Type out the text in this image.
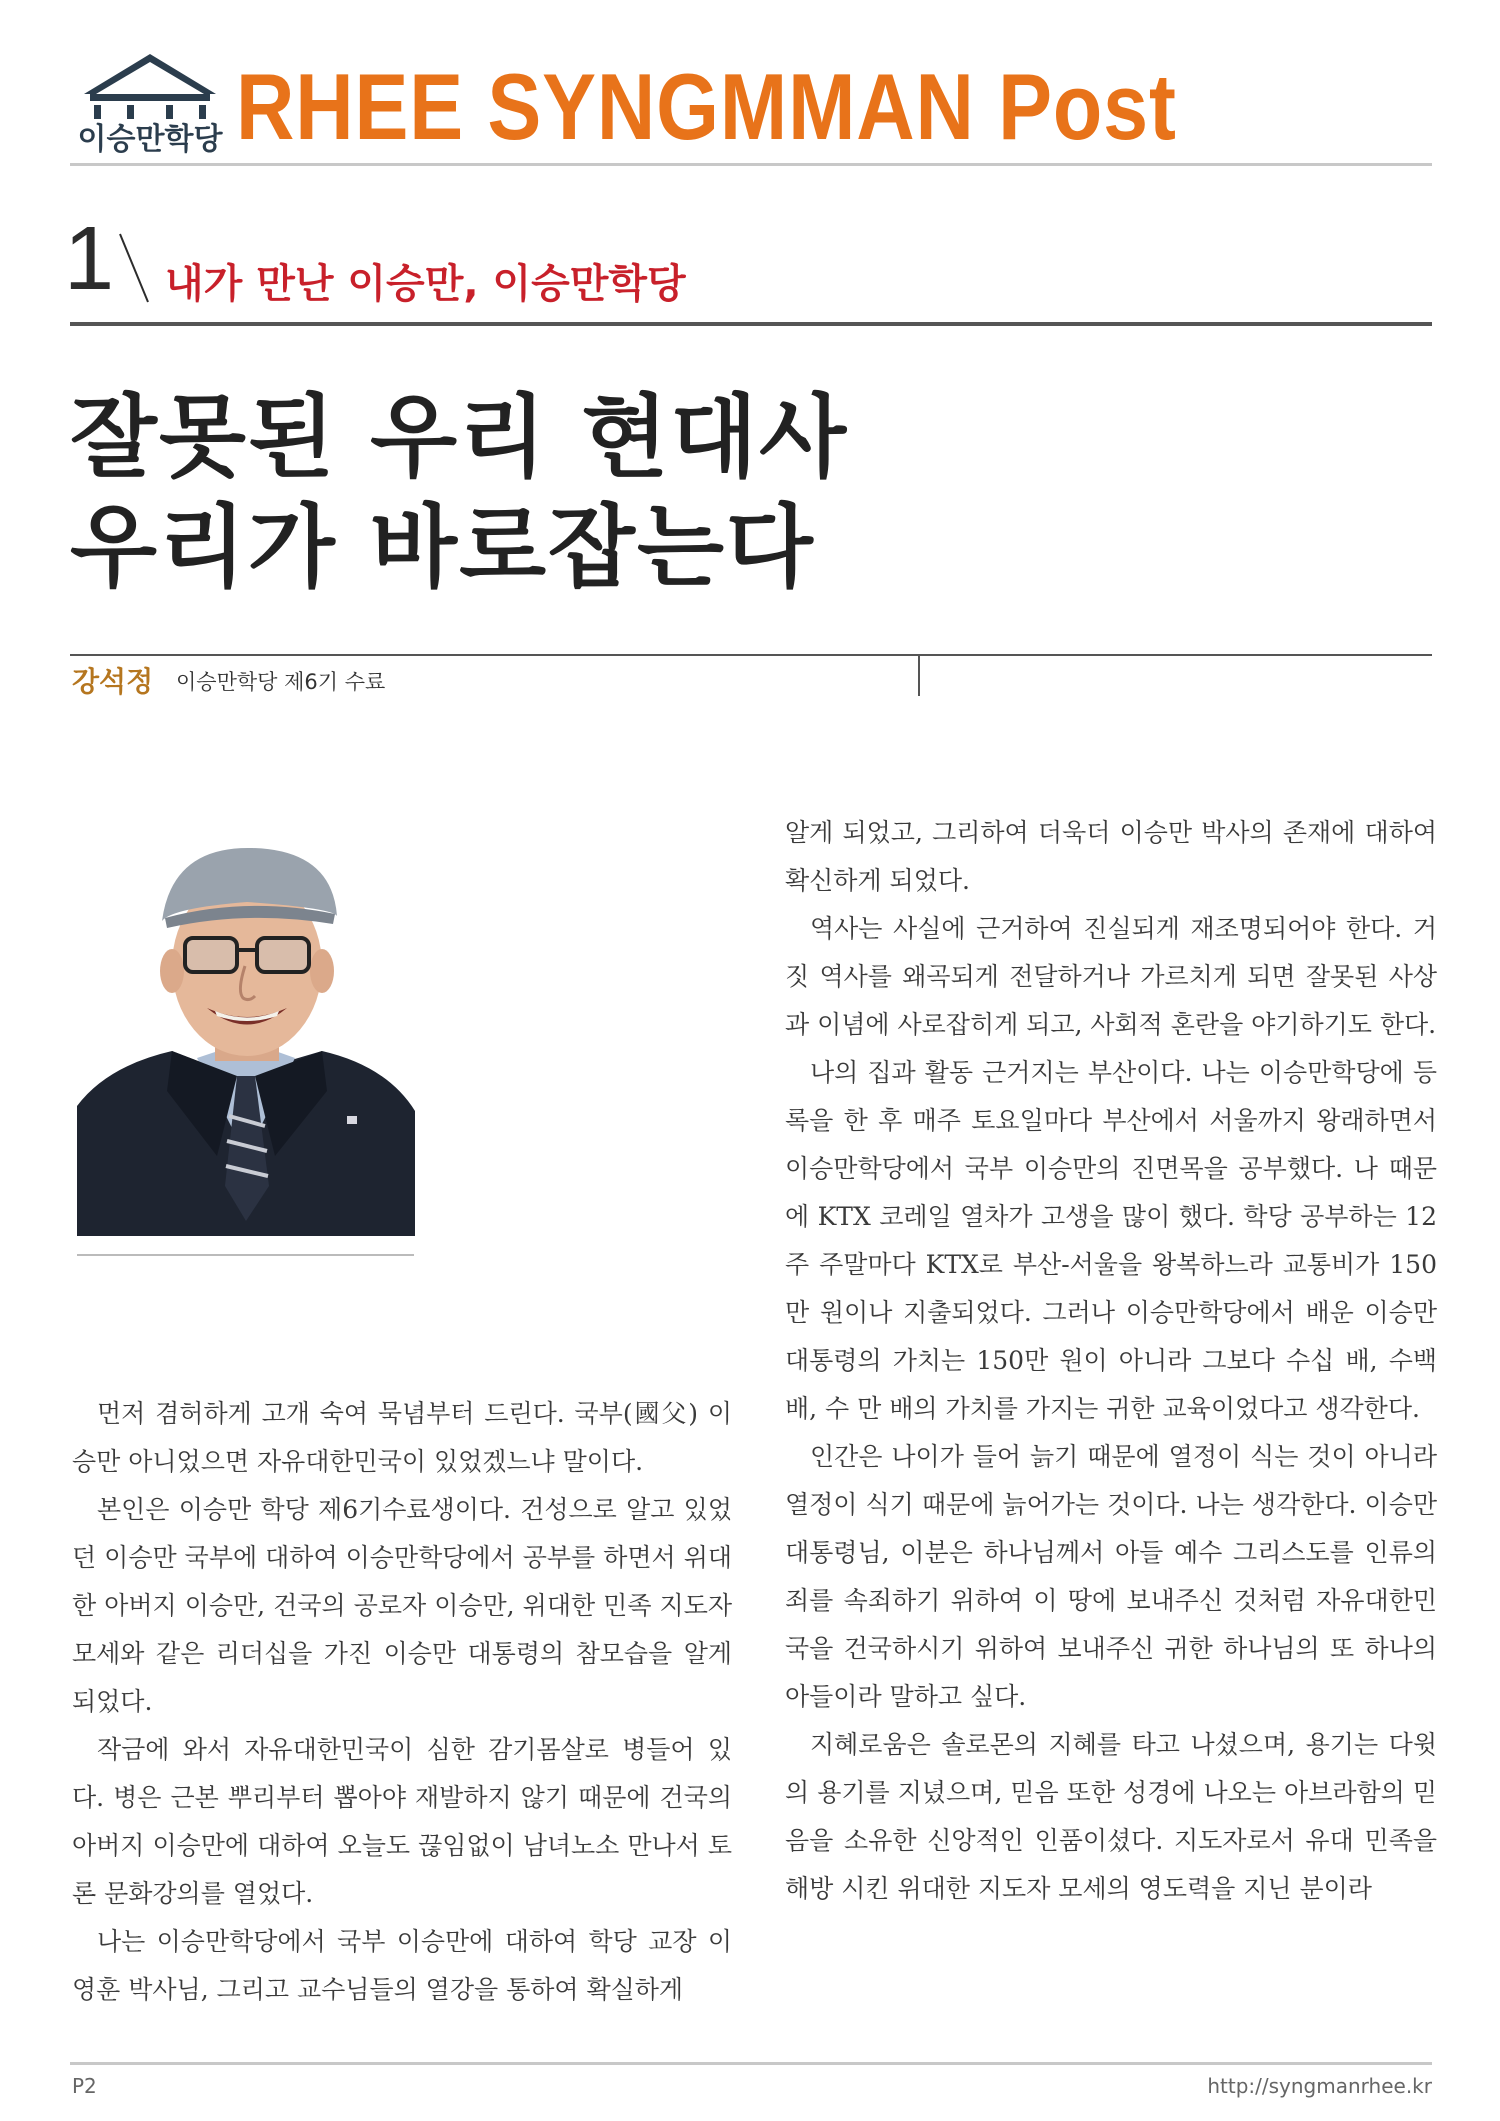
이승만학당 RHEE SYNGMMAN Post
1 내가 만난 이승만, 이승만학당
잘못된 우리 현대사
우리가 바로잡는다
강석정 이승만학당 제6기 수료

먼저 겸허하게 고개 숙여 묵념부터 드린다. 국부(國父) 이승만 아니었으면 자유대한민국이 있었겠느냐 말이다.

본인은 이승만 학당 제6기수료생이다. 건성으로 알고 있었던 이승만 국부에 대하여 이승만학당에서 공부를 하면서 위대한 아버지 이승만, 건국의 공로자 이승만, 위대한 민족 지도자 모세와 같은 리더십을 가진 이승만 대통령의 참모습을 알게 되었다.

작금에 와서 자유대한민국이 심한 감기몸살로 병들어 있다. 병은 근본 뿌리부터 뽑아야 재발하지 않기 때문에 건국의 아버지 이승만에 대하여 오늘도 끊임없이 남녀노소 만나서 토론 문화강의를 열었다.

나는 이승만학당에서 국부 이승만에 대하여 학당 교장 이영훈 박사님, 그리고 교수님들의 열강을 통하여 확실하게

알게 되었고, 그리하여 더욱더 이승만 박사의 존재에 대하여 확신하게 되었다.

역사는 사실에 근거하여 진실되게 재조명되어야 한다. 거짓 역사를 왜곡되게 전달하거나 가르치게 되면 잘못된 사상과 이념에 사로잡히게 되고, 사회적 혼란을 야기하기도 한다.

나의 집과 활동 근거지는 부산이다. 나는 이승만학당에 등록을 한 후 매주 토요일마다 부산에서 서울까지 왕래하면서 이승만학당에서 국부 이승만의 진면목을 공부했다. 나 때문에 KTX 코레일 열차가 고생을 많이 했다. 학당 공부하는 12주 주말마다 KTX로 부산-서울을 왕복하느라 교통비가 150만 원이나 지출되었다. 그러나 이승만학당에서 배운 이승만 대통령의 가치는 150만 원이 아니라 그보다 수십 배, 수백 배, 수 만 배의 가치를 가지는 귀한 교육이었다고 생각한다.

인간은 나이가 들어 늙기 때문에 열정이 식는 것이 아니라 열정이 식기 때문에 늙어가는 것이다. 나는 생각한다. 이승만 대통령님, 이분은 하나님께서 아들 예수 그리스도를 인류의 죄를 속죄하기 위하여 이 땅에 보내주신 것처럼 자유대한민국을 건국하시기 위하여 보내주신 귀한 하나님의 또 하나의 아들이라 말하고 싶다.

지혜로움은 솔로몬의 지혜를 타고 나셨으며, 용기는 다윗의 용기를 지녔으며, 믿음 또한 성경에 나오는 아브라함의 믿음을 소유한 신앙적인 인품이셨다. 지도자로서 유대 민족을 해방 시킨 위대한 지도자 모세의 영도력을 지닌 분이라

P2	http://syngmanrhee.kr
